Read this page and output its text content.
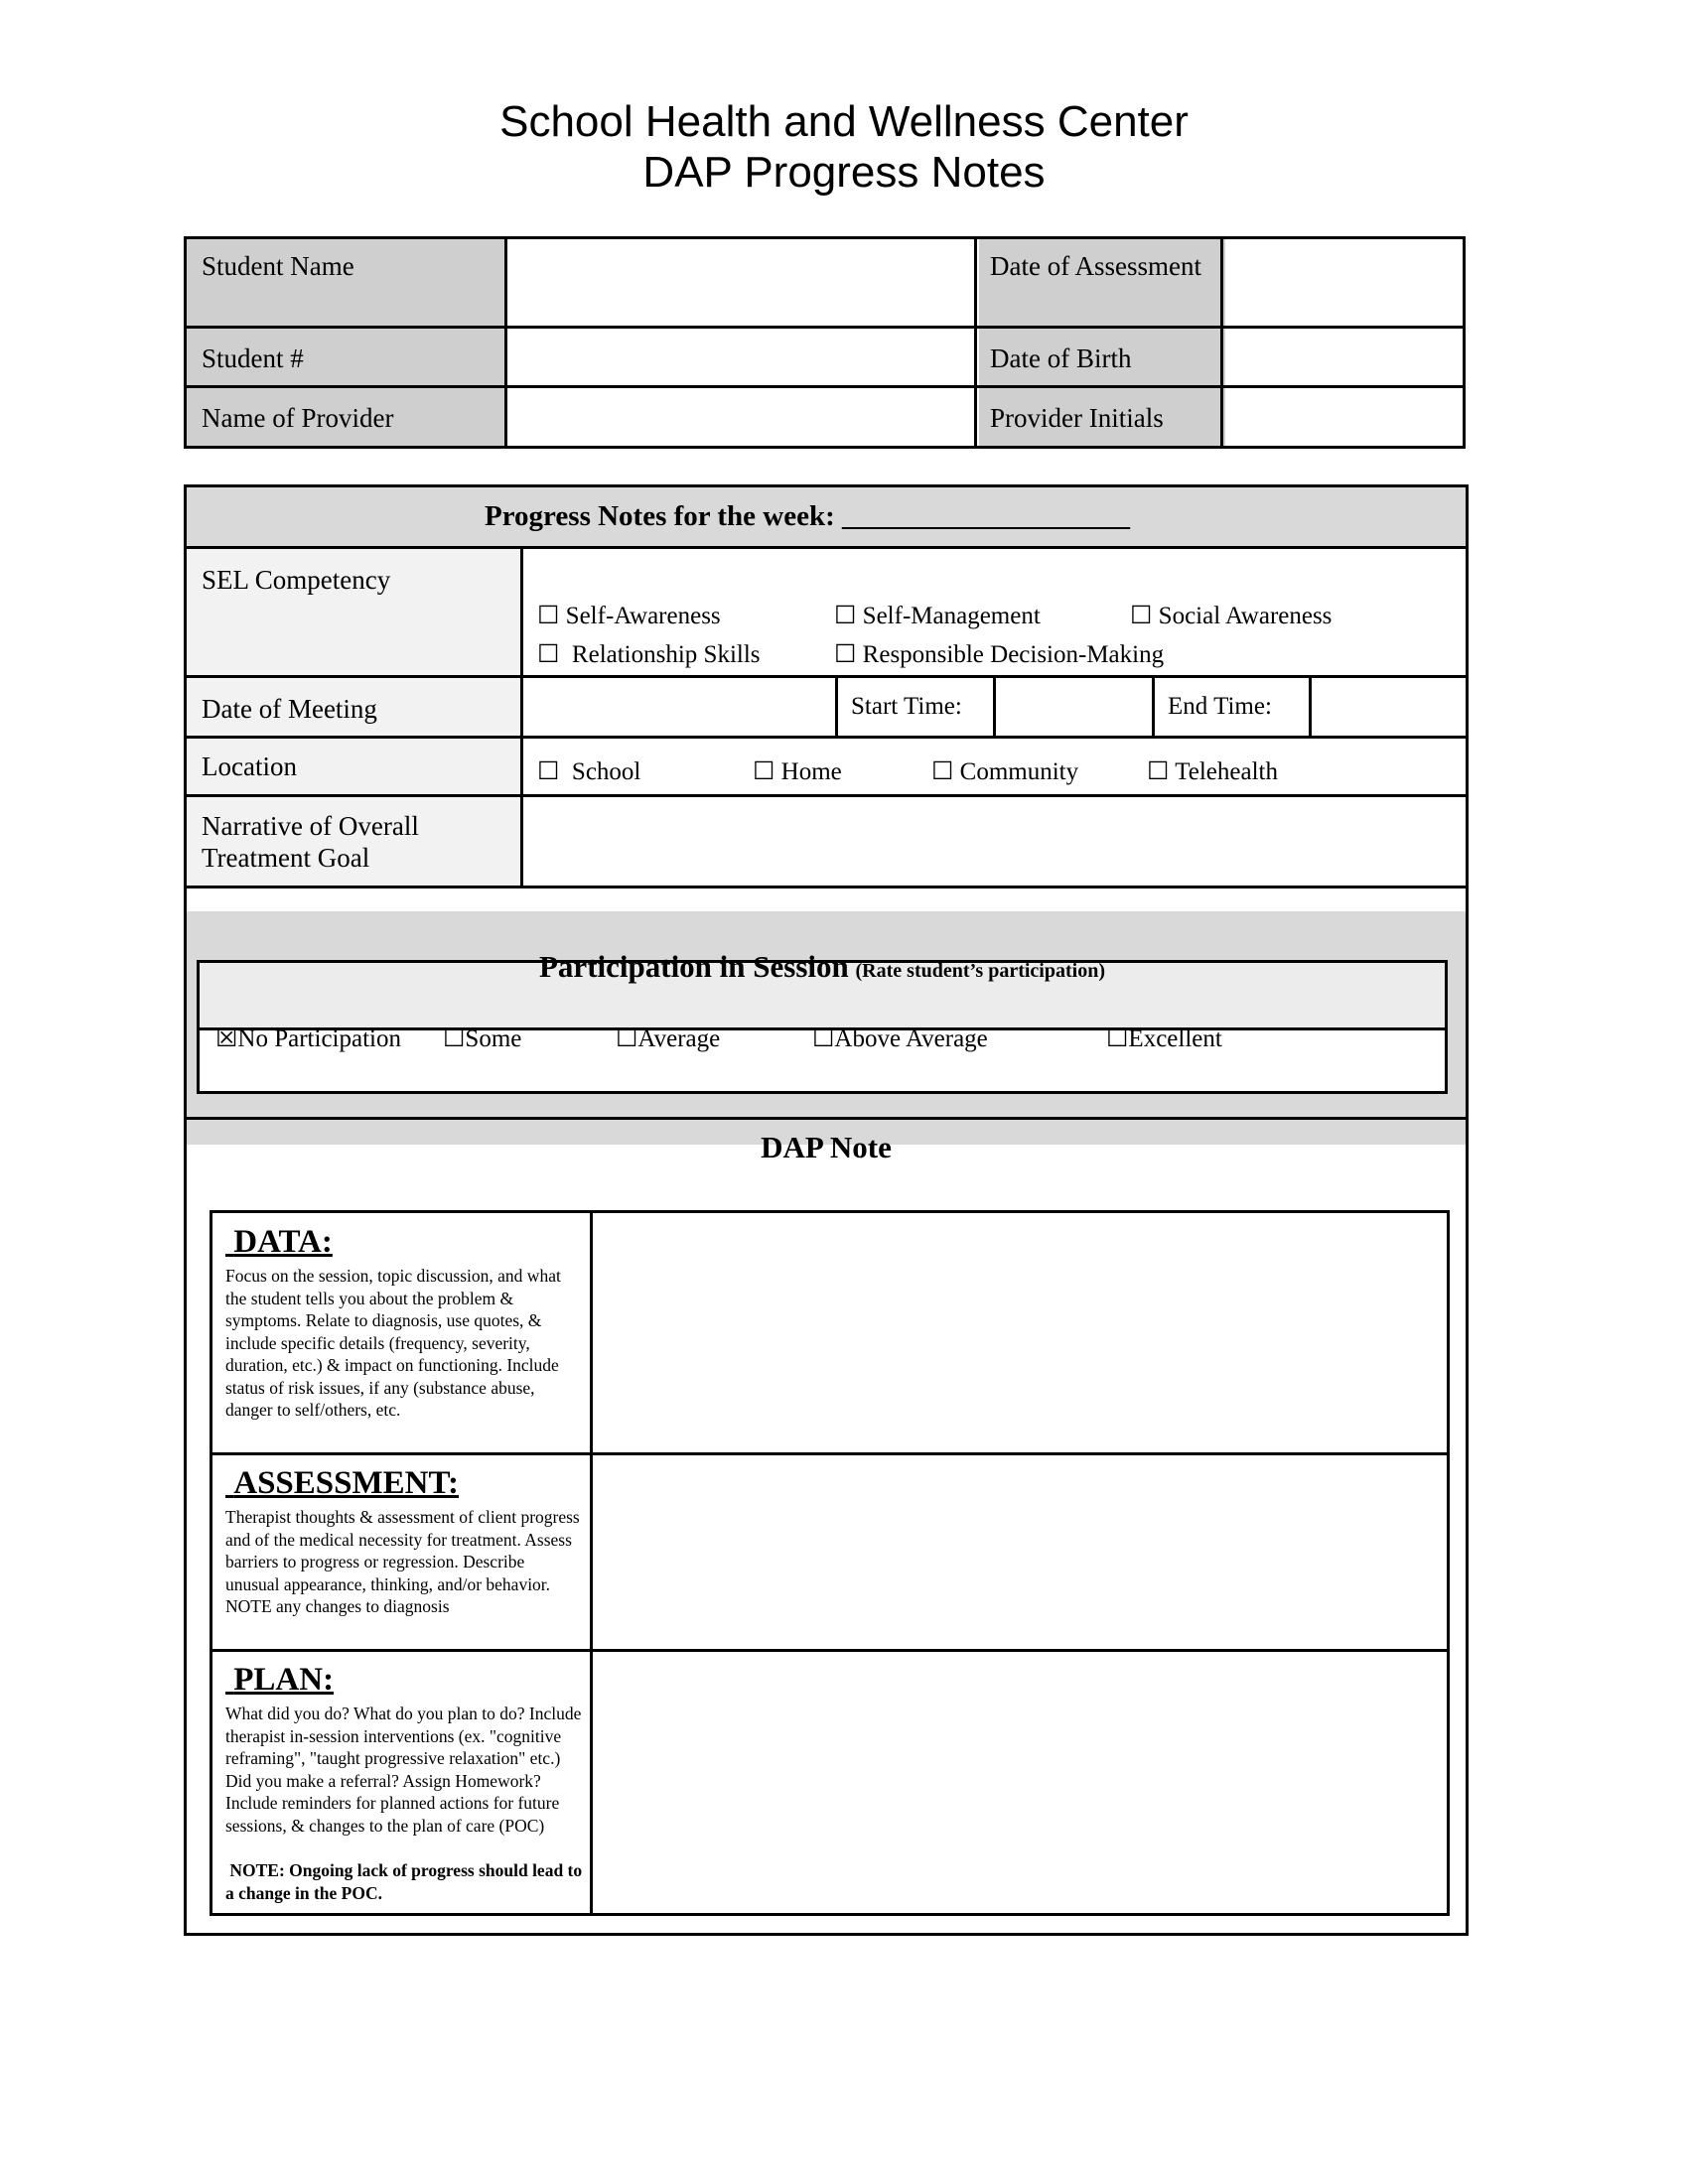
School Health and Wellness Center
DAP Progress Notes
Student Name	Date of Assessment
Student #	Date of Birth
Name of Provider	Provider Initials
Progress Notes for the week: ____________________
SEL Competency
☐ Self-Awareness	☐ Self-Management	☐ Social Awareness
☐ Relationship Skills	☐ Responsible Decision-Making
Date of Meeting	Start Time:	End Time:
Location	☐ School	☐ Home	☐ Community	☐ Telehealth
Narrative of Overall Treatment Goal
Participation in Session (Rate student’s participation)
☒No Participation ☐Some	☐Average	☐Above Average	☐Excellent
DAP Note
DATA:
Focus on the session, topic discussion, and what the student tells you about the problem & symptoms. Relate to diagnosis, use quotes, & include specific details (frequency, severity, duration, etc.) & impact on functioning. Include status of risk issues, if any (substance abuse, danger to self/others, etc.
ASSESSMENT:
Therapist thoughts & assessment of client progress and of the medical necessity for treatment. Assess barriers to progress or regression. Describe unusual appearance, thinking, and/or behavior. NOTE any changes to diagnosis
PLAN:
What did you do? What do you plan to do? Include therapist in-session interventions (ex. "cognitive reframing", "taught progressive relaxation" etc.) Did you make a referral? Assign Homework? Include reminders for planned actions for future sessions, & changes to the plan of care (POC)
NOTE: Ongoing lack of progress should lead to a change in the POC.
